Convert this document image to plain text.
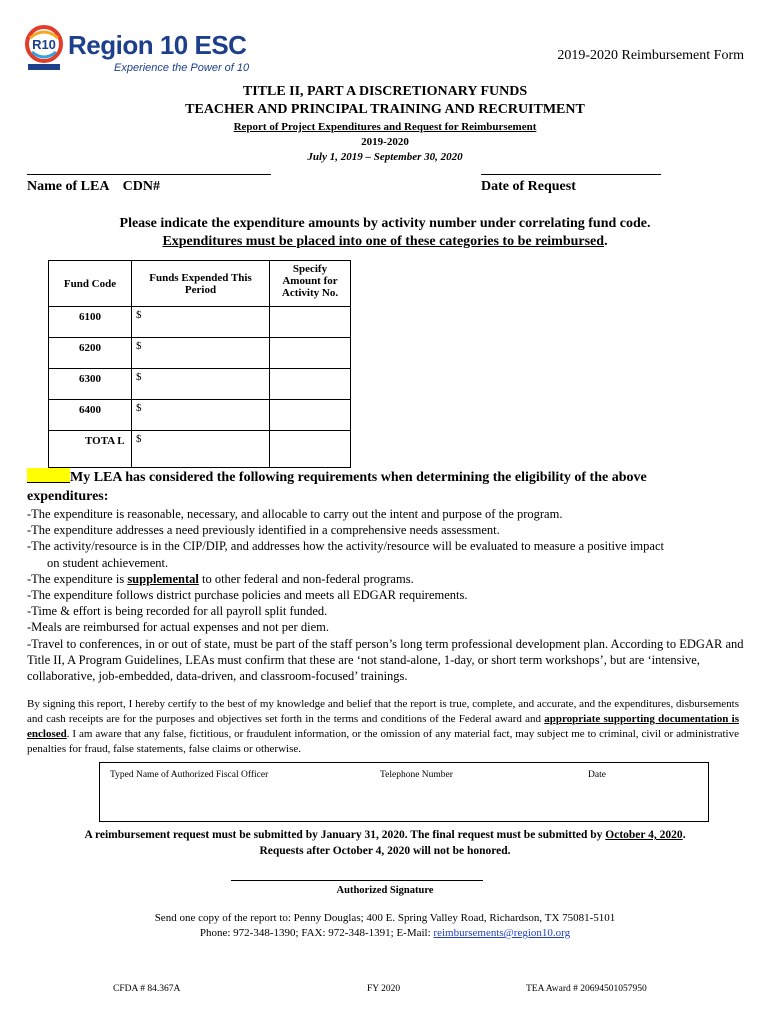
R10 Region 10 ESC
Experience the Power of 10
2019-2020 Reimbursement Form
TITLE II, PART A DISCRETIONARY FUNDS
TEACHER AND PRINCIPAL TRAINING AND RECRUITMENT
Report of Project Expenditures and Request for Reimbursement
2019-2020
July 1, 2019 – September 30, 2020
Name of LEA    CDN#	Date of Request
Please indicate the expenditure amounts by activity number under correlating fund code.
Expenditures must be placed into one of these categories to be reimbursed.
Fund Code	Funds Expended This Period	Specify Amount for Activity No.
6100	$	
6200	$	
6300	$	
6400	$	
TOTA L	$	
My LEA has considered the following requirements when determining the eligibility of the above expenditures:
-The expenditure is reasonable, necessary, and allocable to carry out the intent and purpose of the program.
-The expenditure addresses a need previously identified in a comprehensive needs assessment.
-The activity/resource is in the CIP/DIP, and addresses how the activity/resource will be evaluated to measure a positive impact
on student achievement.
-The expenditure is supplemental to other federal and non-federal programs.
-The expenditure follows district purchase policies and meets all EDGAR requirements.
-Time & effort is being recorded for all payroll split funded.
-Meals are reimbursed for actual expenses and not per diem.
-Travel to conferences, in or out of state, must be part of the staff person’s long term professional development plan. According to EDGAR and Title II, A Program Guidelines, LEAs must confirm that these are ‘not stand-alone, 1-day, or short term workshops’, but are ‘intensive, collaborative, job-embedded, data-driven, and classroom-focused’ trainings.
By signing this report, I hereby certify to the best of my knowledge and belief that the report is true, complete, and accurate, and the expenditures, disbursements and cash receipts are for the purposes and objectives set forth in the terms and conditions of the Federal award and appropriate supporting documentation is enclosed. I am aware that any false, fictitious, or fraudulent information, or the omission of any material fact, may subject me to criminal, civil or administrative penalties for fraud, false statements, false claims or otherwise.
Typed Name of Authorized Fiscal Officer	Telephone Number	Date
A reimbursement request must be submitted by January 31, 2020. The final request must be submitted by October 4, 2020.
Requests after October 4, 2020 will not be honored.
Authorized Signature
Send one copy of the report to: Penny Douglas; 400 E. Spring Valley Road, Richardson, TX 75081-5101
Phone: 972-348-1390; FAX: 972-348-1391; E-Mail: reimbursements@region10.org
CFDA # 84.367A	FY 2020	TEA Award # 20694501057950
